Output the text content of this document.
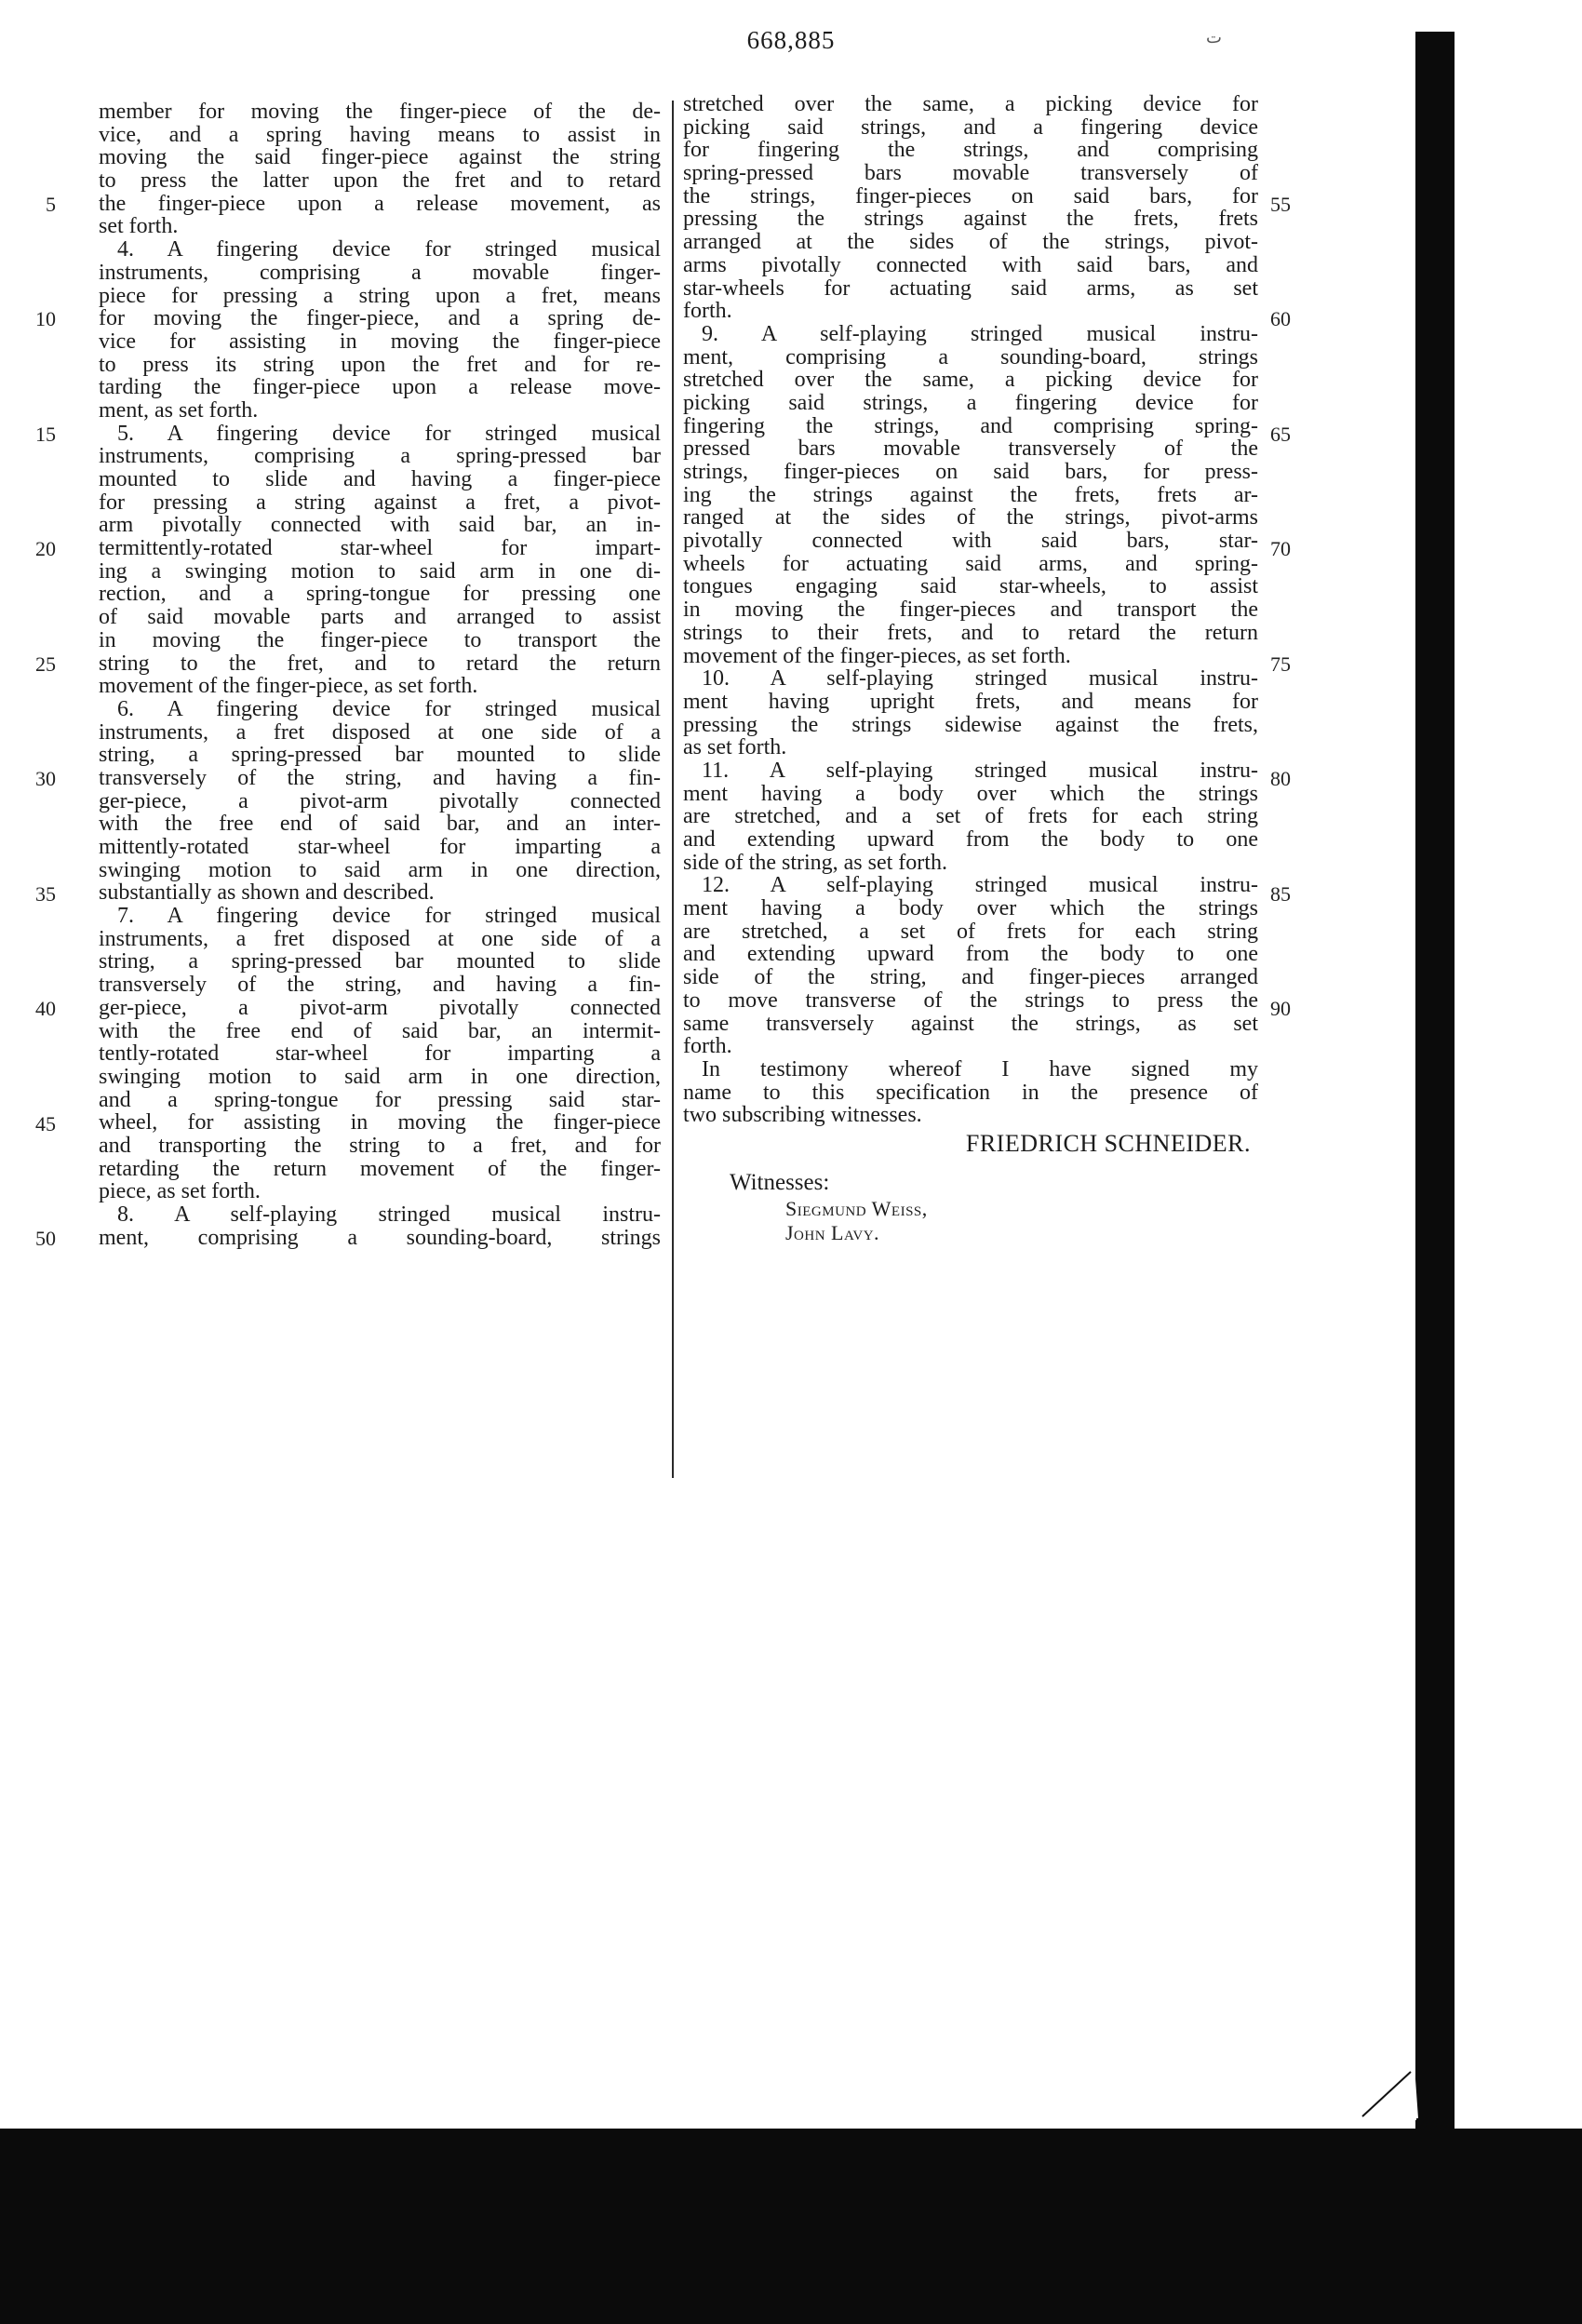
668,885	ت
member for moving the finger-piece of the de-
vice, and a spring having means to assist in
moving the said finger-piece against the string
to press the latter upon the fret and to retard
the finger-piece upon a release movement, as
set forth.
4. A fingering device for stringed musical
instruments, comprising a movable finger-
piece for pressing a string upon a fret, means
for moving the finger-piece, and a spring de-
vice for assisting in moving the finger-piece
to press its string upon the fret and for re-
tarding the finger-piece upon a release move-
ment, as set forth.
5. A fingering device for stringed musical
instruments, comprising a spring-pressed bar
mounted to slide and having a finger-piece
for pressing a string against a fret, a pivot-
arm pivotally connected with said bar, an in-
termittently-rotated star-wheel for impart-
ing a swinging motion to said arm in one di-
rection, and a spring-tongue for pressing one
of said movable parts and arranged to assist
in moving the finger-piece to transport the
string to the fret, and to retard the return
movement of the finger-piece, as set forth.
6. A fingering device for stringed musical
instruments, a fret disposed at one side of a
string, a spring-pressed bar mounted to slide
transversely of the string, and having a fin-
ger-piece, a pivot-arm pivotally connected
with the free end of said bar, and an inter-
mittently-rotated star-wheel for imparting a
swinging motion to said arm in one direction,
substantially as shown and described.
7. A fingering device for stringed musical
instruments, a fret disposed at one side of a
string, a spring-pressed bar mounted to slide
transversely of the string, and having a fin-
ger-piece, a pivot-arm pivotally connected
with the free end of said bar, an intermit-
tently-rotated star-wheel for imparting a
swinging motion to said arm in one direction,
and a spring-tongue for pressing said star-
wheel, for assisting in moving the finger-piece
and transporting the string to a fret, and for
retarding the return movement of the finger-
piece, as set forth.
8. A self-playing stringed musical instru-
ment, comprising a sounding-board, strings
stretched over the same, a picking device for
picking said strings, and a fingering device
for fingering the strings, and comprising
spring-pressed bars movable transversely of
the strings, finger-pieces on said bars, for
pressing the strings against the frets, frets
arranged at the sides of the strings, pivot-
arms pivotally connected with said bars, and
star-wheels for actuating said arms, as set
forth.
9. A self-playing stringed musical instru-
ment, comprising a sounding-board, strings
stretched over the same, a picking device for
picking said strings, a fingering device for
fingering the strings, and comprising spring-
pressed bars movable transversely of the
strings, finger-pieces on said bars, for press-
ing the strings against the frets, frets ar-
ranged at the sides of the strings, pivot-arms
pivotally connected with said bars, star-
wheels for actuating said arms, and spring-
tongues engaging said star-wheels, to assist
in moving the finger-pieces and transport the
strings to their frets, and to retard the return
movement of the finger-pieces, as set forth.
10. A self-playing stringed musical instru-
ment having upright frets, and means for
pressing the strings sidewise against the frets,
as set forth.
11. A self-playing stringed musical instru-
ment having a body over which the strings
are stretched, and a set of frets for each string
and extending upward from the body to one
side of the string, as set forth.
12. A self-playing stringed musical instru-
ment having a body over which the strings
are stretched, a set of frets for each string
and extending upward from the body to one
side of the string, and finger-pieces arranged
to move transverse of the strings to press the
same transversely against the strings, as set
forth.
In testimony whereof I have signed my
name to this specification in the presence of
two subscribing witnesses.
FRIEDRICH SCHNEIDER.
Witnesses:
Siegmund Weiss,
John Lavy.
5
10
15
20
25
30
35
40
45
50
55
60
65
70
75
80
85
90
